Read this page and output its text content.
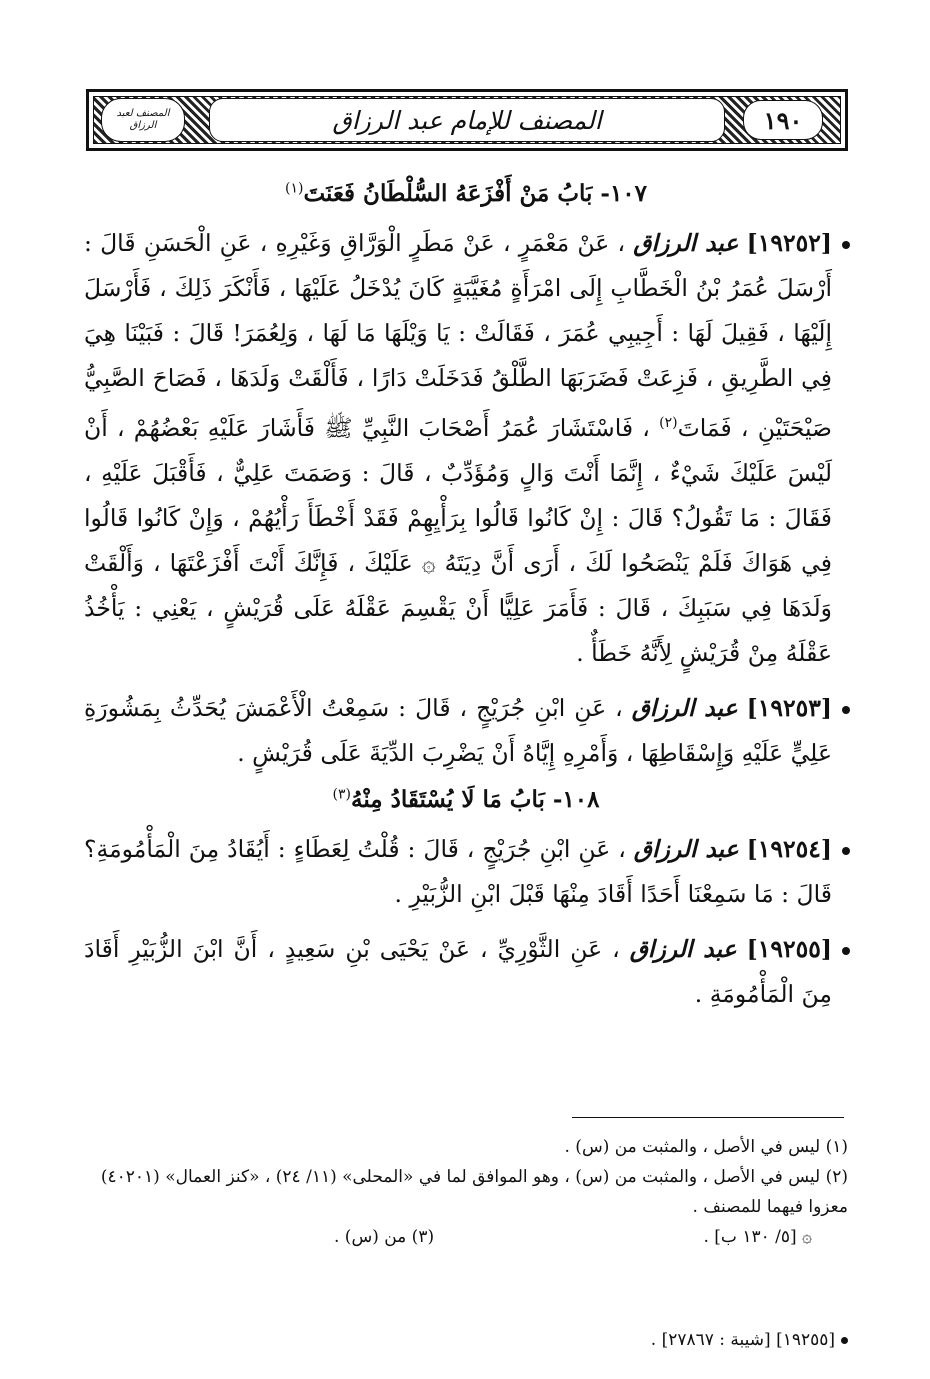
١٩٠
المصنف للإمام عبد الرزاق
المصنف لعبد الرزاق
١٠٧- بَابُ مَنْ أَفْزَعَهُ السُّلْطَانُ فَعَنَتَ$^{(١)}$

[١٩٢٥٢] عبد الرزاق ، عَنْ مَعْمَرٍ ، عَنْ مَطَرٍ الْوَرَّاقِ وَغَيْرِهِ ، عَنِ الْحَسَنِ قَالَ : أَرْسَلَ عُمَرُ بْنُ الْخَطَّابِ إِلَى امْرَأَةٍ مُغَيَّبَةٍ كَانَ يُدْخَلُ عَلَيْهَا ، فَأَنْكَرَ ذَلِكَ ، فَأَرْسَلَ إِلَيْهَا ، فَقِيلَ لَهَا : أَجِيبِي عُمَرَ ، فَقَالَتْ : يَا وَيْلَهَا مَا لَهَا ، وَلِعُمَرَ! قَالَ : فَبَيْنَا هِيَ فِي الطَّرِيقِ ، فَزِعَتْ فَضَرَبَهَا الطَّلْقُ فَدَخَلَتْ دَارًا ، فَأَلْقَتْ وَلَدَهَا ، فَصَاحَ الصَّبِيُّ صَيْحَتَيْنِ ، فَمَاتَ$^{(٢)}$ ، فَاسْتَشَارَ عُمَرُ أَصْحَابَ النَّبِيِّ ﷺ فَأَشَارَ عَلَيْهِ بَعْضُهُمْ ، أَنْ لَيْسَ عَلَيْكَ شَيْءٌ ، إِنَّمَا أَنْتَ وَالٍ وَمُؤَدِّبٌ ، قَالَ : وَصَمَتَ عَلِيٌّ ، فَأَقْبَلَ عَلَيْهِ ، فَقَالَ : مَا تَقُولُ؟ قَالَ : إِنْ كَانُوا قَالُوا بِرَأْيِهِمْ فَقَدْ أَخْطَأَ رَأْيُهُمْ ، وَإِنْ كَانُوا قَالُوا فِي هَوَاكَ فَلَمْ يَنْصَحُوا لَكَ ، أَرَى أَنَّ دِيَتَهُ ۞ عَلَيْكَ ، فَإِنَّكَ أَنْتَ أَفْزَعْتَهَا ، وَأَلْقَتْ وَلَدَهَا فِي سَبَبِكَ ، قَالَ : فَأَمَرَ عَلِيًّا أَنْ يَقْسِمَ عَقْلَهُ عَلَى قُرَيْشٍ ، يَعْنِي : يَأْخُذُ عَقْلَهُ مِنْ قُرَيْشٍ لِأَنَّهُ خَطَأٌ .

[١٩٢٥٣] عبد الرزاق ، عَنِ ابْنِ جُرَيْجٍ ، قَالَ : سَمِعْتُ الْأَعْمَشَ يُحَدِّثُ بِمَشُورَةِ عَلِيٍّ عَلَيْهِ وَإِسْقَاطِهَا ، وَأَمْرِهِ إِيَّاهُ أَنْ يَضْرِبَ الدِّيَةَ عَلَى قُرَيْشٍ .

١٠٨- بَابُ مَا لَا يُسْتَقَادُ مِنْهُ$^{(٣)}$

[١٩٢٥٤] عبد الرزاق ، عَنِ ابْنِ جُرَيْجٍ ، قَالَ : قُلْتُ لِعَطَاءٍ : أَيُقَادُ مِنَ الْمَأْمُومَةِ؟ قَالَ : مَا سَمِعْنَا أَحَدًا أَقَادَ مِنْهَا قَبْلَ ابْنِ الزُّبَيْرِ .

[١٩٢٥٥] عبد الرزاق ، عَنِ الثَّوْرِيِّ ، عَنْ يَحْيَى بْنِ سَعِيدٍ ، أَنَّ ابْنَ الزُّبَيْرِ أَقَادَ مِنَ الْمَأْمُومَةِ .

(١) ليس في الأصل ، والمثبت من (س) .

(٢) ليس في الأصل ، والمثبت من (س) ، وهو الموافق لما في «المحلى» (١١/ ٢٤) ، «كنز العمال» (٤٠٢٠١) معزوا فيهما للمصنف .

۞ [٥/ ١٣٠ ب] .
(٣) من (س) .
[١٩٢٥٥] [شيبة : ٢٧٨٦٧] .
